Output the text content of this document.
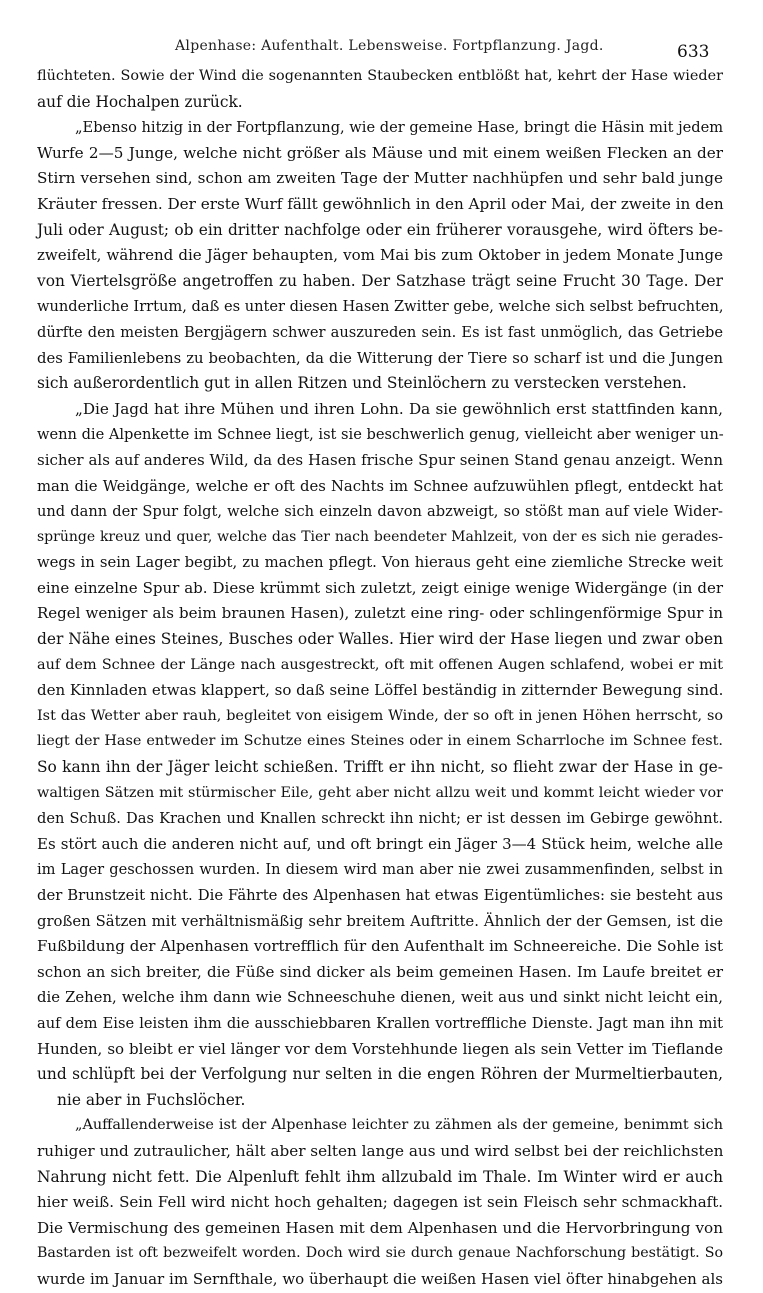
Alpenhase: Aufenthalt. Lebensweise. Fortpflanzung. Jagd.	633
flüchteten. Sowie der Wind die sogenannten Staubecken entblößt hat, kehrt der Hase wieder
auf die Hochalpen zurück.
„Ebenso hitzig in der Fortpflanzung, wie der gemeine Hase, bringt die Häsin mit jedem
Wurfe 2—5 Junge, welche nicht größer als Mäuse und mit einem weißen Flecken an der
Stirn versehen sind, schon am zweiten Tage der Mutter nachhüpfen und sehr bald junge
Kräuter fressen. Der erste Wurf fällt gewöhnlich in den April oder Mai, der zweite in den
Juli oder August; ob ein dritter nachfolge oder ein früherer vorausgehe, wird öfters be-
zweifelt, während die Jäger behaupten, vom Mai bis zum Oktober in jedem Monate Junge
von Viertelsgröße angetroffen zu haben. Der Satzhase trägt seine Frucht 30 Tage. Der
wunderliche Irrtum, daß es unter diesen Hasen Zwitter gebe, welche sich selbst befruchten,
dürfte den meisten Bergjägern schwer auszureden sein. Es ist fast unmöglich, das Getriebe
des Familienlebens zu beobachten, da die Witterung der Tiere so scharf ist und die Jungen
sich außerordentlich gut in allen Ritzen und Steinlöchern zu verstecken verstehen.
„Die Jagd hat ihre Mühen und ihren Lohn. Da sie gewöhnlich erst stattfinden kann,
wenn die Alpenkette im Schnee liegt, ist sie beschwerlich genug, vielleicht aber weniger un-
sicher als auf anderes Wild, da des Hasen frische Spur seinen Stand genau anzeigt. Wenn
man die Weidgänge, welche er oft des Nachts im Schnee aufzuwühlen pflegt, entdeckt hat
und dann der Spur folgt, welche sich einzeln davon abzweigt, so stößt man auf viele Wider-
sprünge kreuz und quer, welche das Tier nach beendeter Mahlzeit, von der es sich nie gerades-
wegs in sein Lager begibt, zu machen pflegt. Von hieraus geht eine ziemliche Strecke weit
eine einzelne Spur ab. Diese krümmt sich zuletzt, zeigt einige wenige Widergänge (in der
Regel weniger als beim braunen Hasen), zuletzt eine ring- oder schlingenförmige Spur in
der Nähe eines Steines, Busches oder Walles. Hier wird der Hase liegen und zwar oben
auf dem Schnee der Länge nach ausgestreckt, oft mit offenen Augen schlafend, wobei er mit
den Kinnladen etwas klappert, so daß seine Löffel beständig in zitternder Bewegung sind.
Ist das Wetter aber rauh, begleitet von eisigem Winde, der so oft in jenen Höhen herrscht, so
liegt der Hase entweder im Schutze eines Steines oder in einem Scharrloche im Schnee fest.
So kann ihn der Jäger leicht schießen. Trifft er ihn nicht, so flieht zwar der Hase in ge-
waltigen Sätzen mit stürmischer Eile, geht aber nicht allzu weit und kommt leicht wieder vor
den Schuß. Das Krachen und Knallen schreckt ihn nicht; er ist dessen im Gebirge gewöhnt.
Es stört auch die anderen nicht auf, und oft bringt ein Jäger 3—4 Stück heim, welche alle
im Lager geschossen wurden. In diesem wird man aber nie zwei zusammenfinden, selbst in
der Brunstzeit nicht. Die Fährte des Alpenhasen hat etwas Eigentümliches: sie besteht aus
großen Sätzen mit verhältnismäßig sehr breitem Auftritte. Ähnlich der der Gemsen, ist die
Fußbildung der Alpenhasen vortrefflich für den Aufenthalt im Schneereiche. Die Sohle ist
schon an sich breiter, die Füße sind dicker als beim gemeinen Hasen. Im Laufe breitet er
die Zehen, welche ihm dann wie Schneeschuhe dienen, weit aus und sinkt nicht leicht ein,
auf dem Eise leisten ihm die ausschiebbaren Krallen vortreffliche Dienste. Jagt man ihn mit
Hunden, so bleibt er viel länger vor dem Vorstehhunde liegen als sein Vetter im Tieflande
und schlüpft bei der Verfolgung nur selten in die engen Röhren der Murmeltierbauten,
nie aber in Fuchslöcher.
„Auffallenderweise ist der Alpenhase leichter zu zähmen als der gemeine, benimmt sich
ruhiger und zutraulicher, hält aber selten lange aus und wird selbst bei der reichlichsten
Nahrung nicht fett. Die Alpenluft fehlt ihm allzubald im Thale. Im Winter wird er auch
hier weiß. Sein Fell wird nicht hoch gehalten; dagegen ist sein Fleisch sehr schmackhaft.
Die Vermischung des gemeinen Hasen mit dem Alpenhasen und die Hervorbringung von
Bastarden ist oft bezweifelt worden. Doch wird sie durch genaue Nachforschung bestätigt. So
wurde im Januar im Sernfthale, wo überhaupt die weißen Hasen viel öfter hinabgehen als
